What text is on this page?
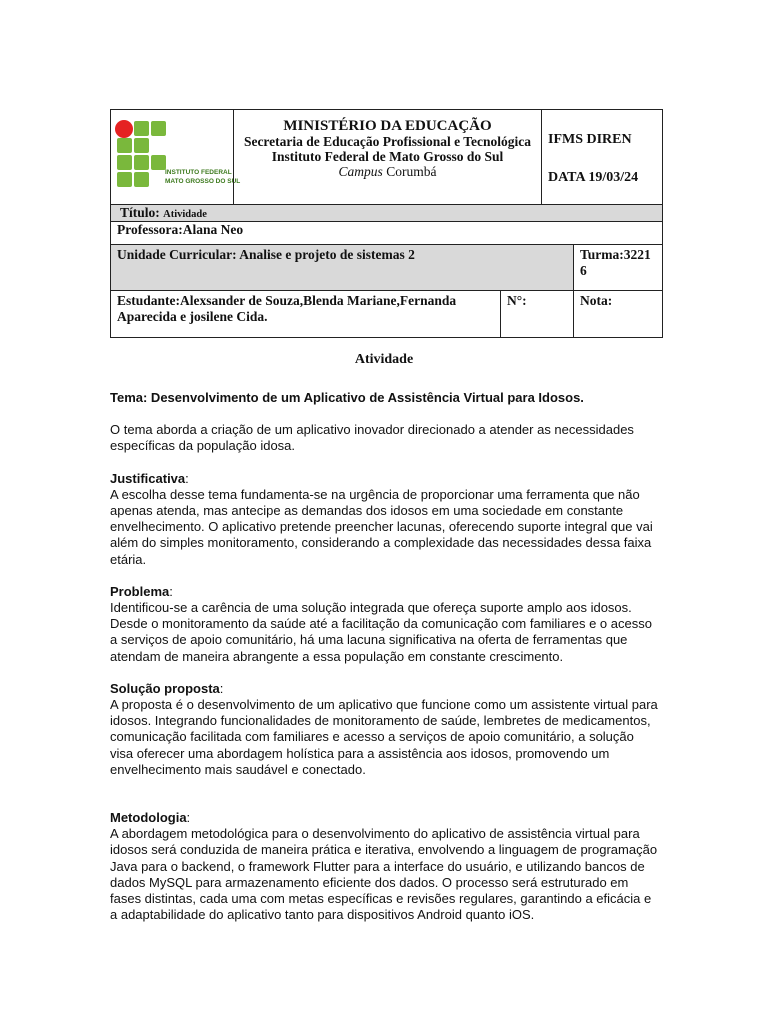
INSTITUTO FEDERAL
MATO GROSSO DO SUL
MINISTÉRIO DA EDUCAÇÃO
Secretaria de Educação Profissional e Tecnológica
Instituto Federal de Mato Grosso do Sul
Campus Corumbá
IFMS DIREN
DATA 19/03/24
Título: Atividade
Professora:Alana Neo
Unidade Curricular: Analise e projeto de sistemas 2	Turma:3221
6
Estudante:Alexsander de Souza,Blenda Mariane,Fernanda Aparecida e josilene Cida.
N°:	Nota:
Atividade

Tema: Desenvolvimento de um Aplicativo de Assistência Virtual para Idosos.

O tema aborda a criação de um aplicativo inovador direcionado a atender as necessidades específicas da população idosa.

Justificativa:

A escolha desse tema fundamenta-se na urgência de proporcionar uma ferramenta que não apenas atenda, mas antecipe as demandas dos idosos em uma sociedade em constante envelhecimento. O aplicativo pretende preencher lacunas, oferecendo suporte integral que vai além do simples monitoramento, considerando a complexidade das necessidades dessa faixa etária.

Problema:

Identificou-se a carência de uma solução integrada que ofereça suporte amplo aos idosos. Desde o monitoramento da saúde até a facilitação da comunicação com familiares e o acesso a serviços de apoio comunitário, há uma lacuna significativa na oferta de ferramentas que atendam de maneira abrangente a essa população em constante crescimento.

Solução proposta:

A proposta é o desenvolvimento de um aplicativo que funcione como um assistente virtual para idosos. Integrando funcionalidades de monitoramento de saúde, lembretes de medicamentos, comunicação facilitada com familiares e acesso a serviços de apoio comunitário, a solução visa oferecer uma abordagem holística para a assistência aos idosos, promovendo um envelhecimento mais saudável e conectado.

Metodologia:

A abordagem metodológica para o desenvolvimento do aplicativo de assistência virtual para idosos será conduzida de maneira prática e iterativa, envolvendo a linguagem de programação Java para o backend, o framework Flutter para a interface do usuário, e utilizando bancos de dados MySQL para armazenamento eficiente dos dados. O processo será estruturado em fases distintas, cada uma com metas específicas e revisões regulares, garantindo a eficácia e a adaptabilidade do aplicativo tanto para dispositivos Android quanto iOS.
